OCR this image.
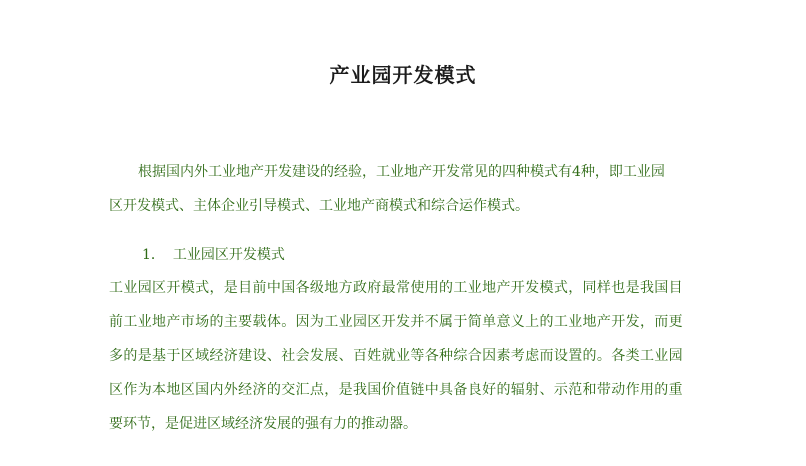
产业园开发模式
根据国内外工业地产开发建设的经验，工业地产开发常见的四种模式有4种，即工业园
区开发模式、主体企业引导模式、工业地产商模式和综合运作模式。
1． 工业园区开发模式
工业园区开模式，是目前中国各级地方政府最常使用的工业地产开发模式，同样也是我国目
前工业地产市场的主要载体。因为工业园区开发并不属于简单意义上的工业地产开发，而更
多的是基于区域经济建设、社会发展、百姓就业等各种综合因素考虑而设置的。各类工业园
区作为本地区国内外经济的交汇点，是我国价值链中具备良好的辐射、示范和带动作用的重
要环节，是促进区域经济发展的强有力的推动器。
